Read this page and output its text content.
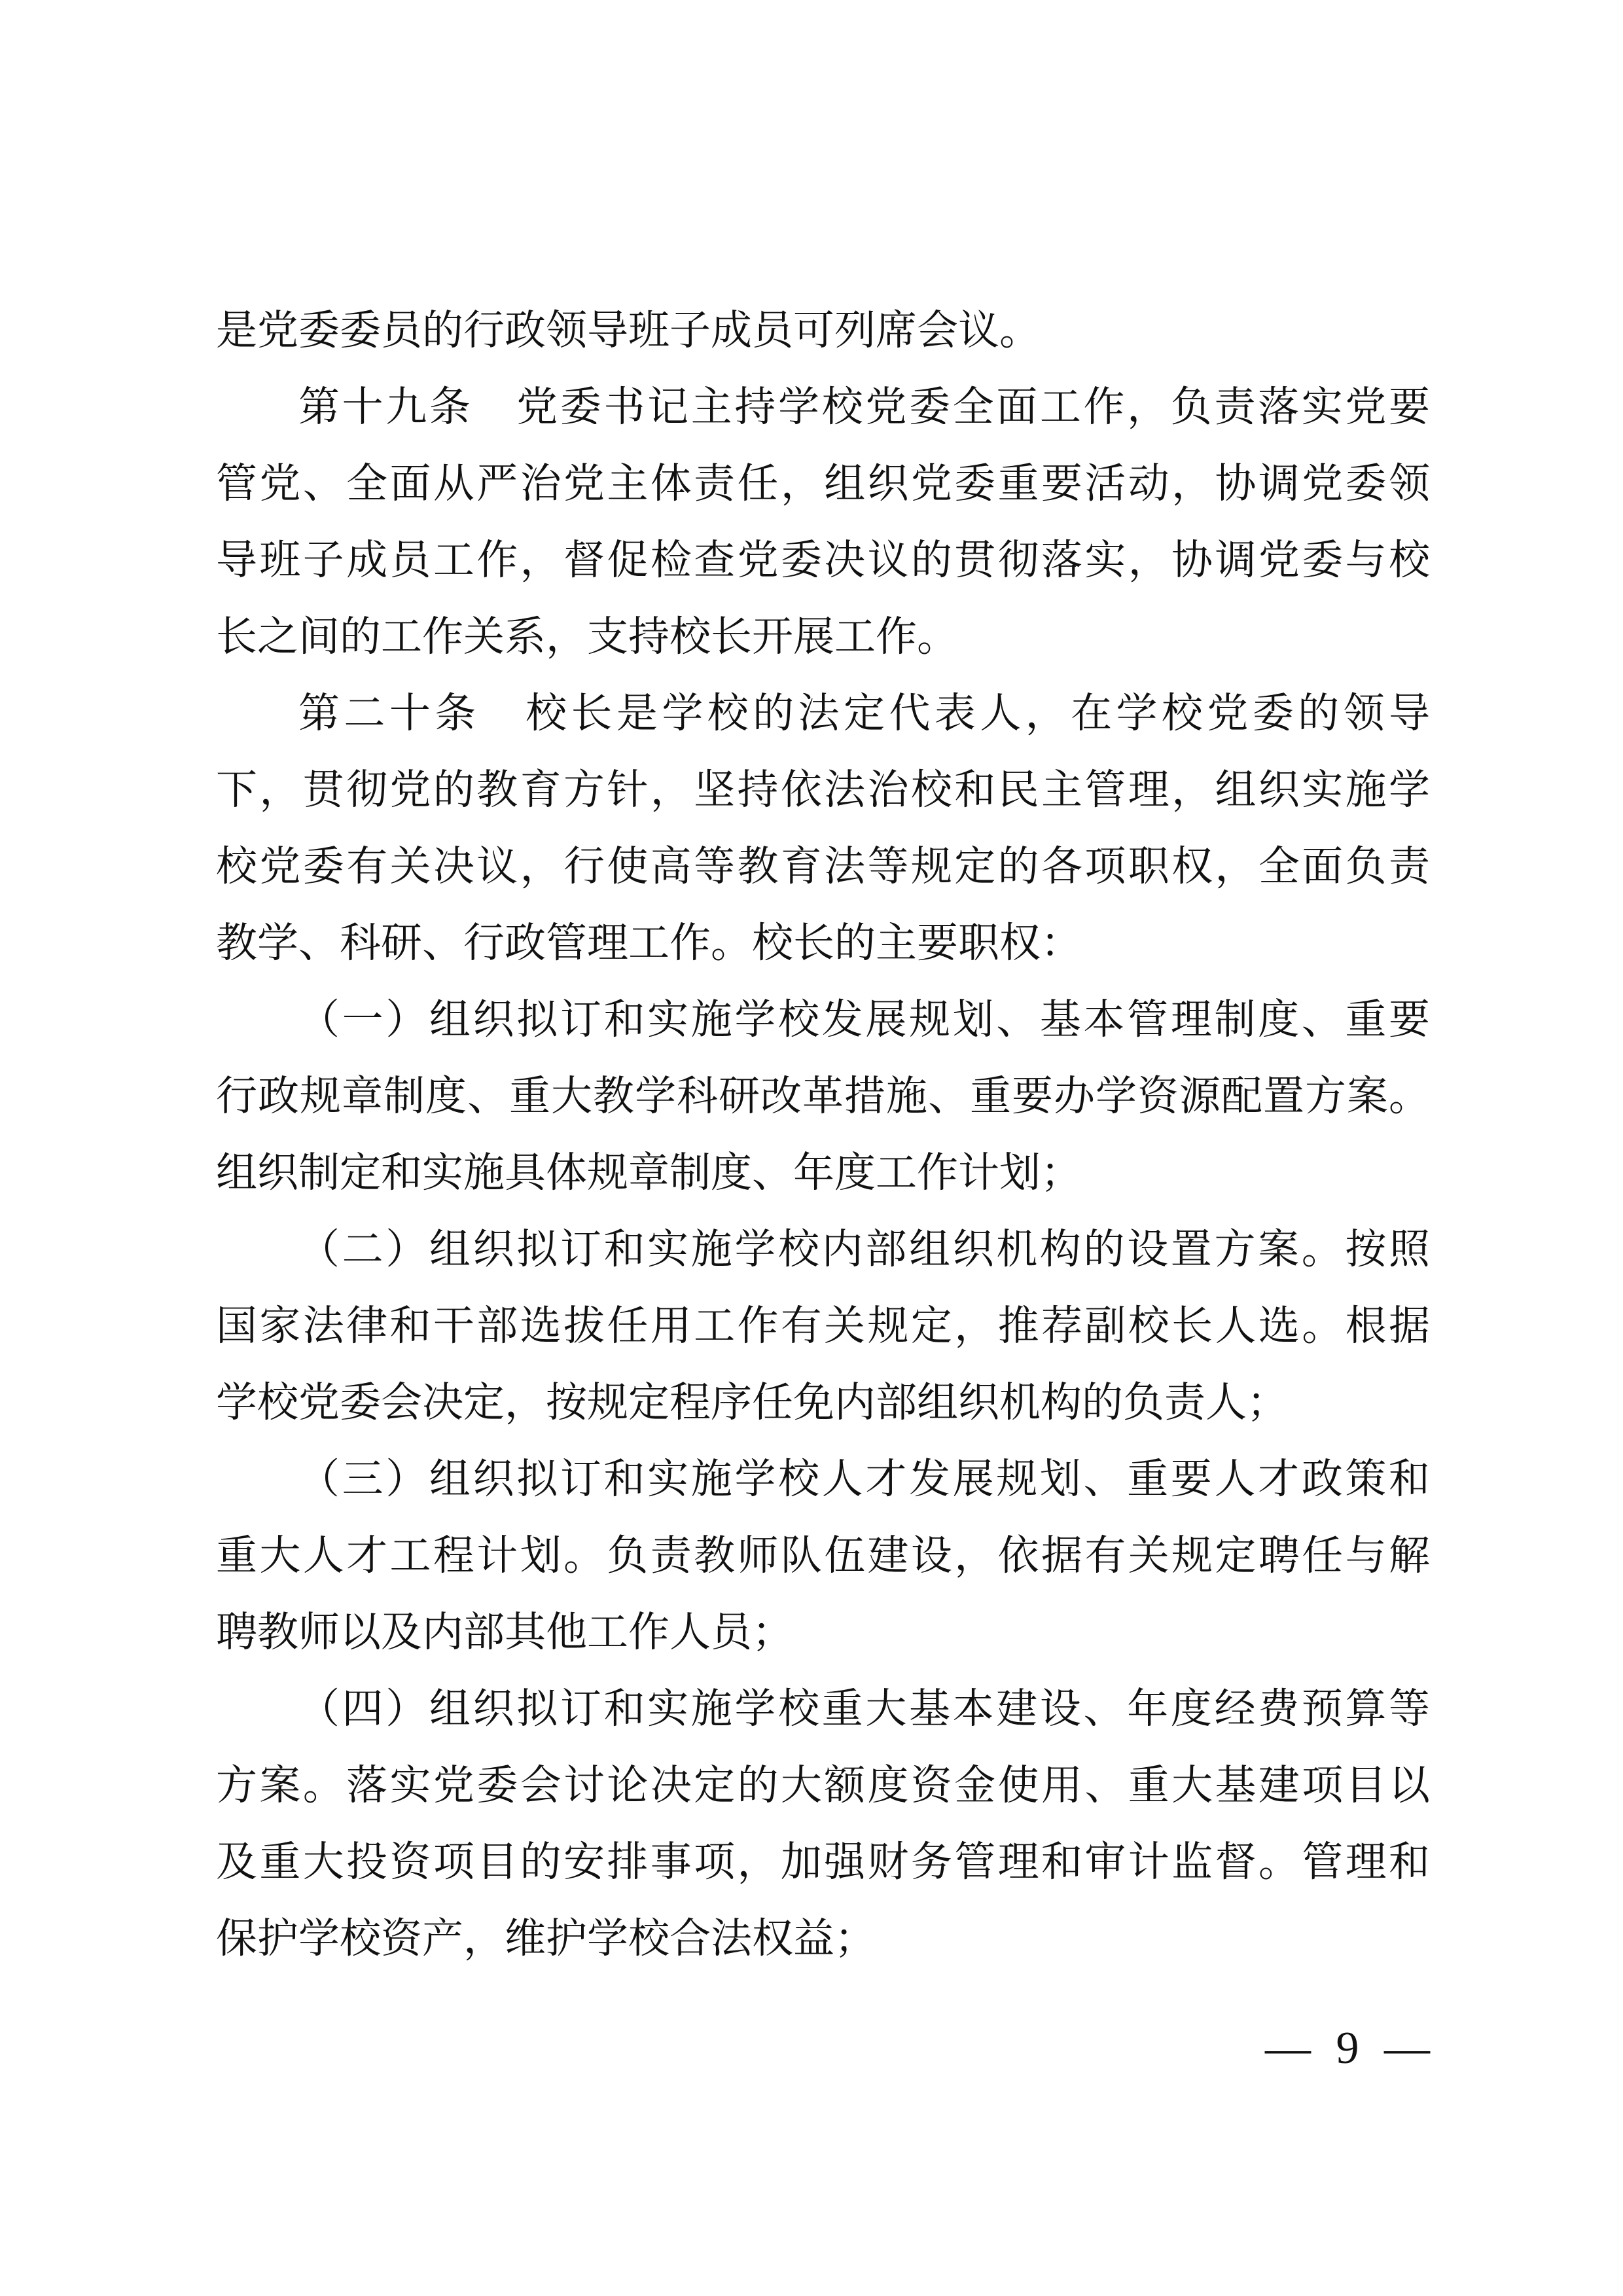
是党委委员的行政领导班子成员可列席会议。
第十九条　党委书记主持学校党委全面工作，负责落实党要
管党、全面从严治党主体责任，组织党委重要活动，协调党委领
导班子成员工作，督促检查党委决议的贯彻落实，协调党委与校
长之间的工作关系，支持校长开展工作。
第二十条　校长是学校的法定代表人，在学校党委的领导
下，贯彻党的教育方针，坚持依法治校和民主管理，组织实施学
校党委有关决议，行使高等教育法等规定的各项职权，全面负责
教学、科研、行政管理工作。校长的主要职权：
（一）组织拟订和实施学校发展规划、基本管理制度、重要
行政规章制度、重大教学科研改革措施、重要办学资源配置方案。
组织制定和实施具体规章制度、年度工作计划；
（二）组织拟订和实施学校内部组织机构的设置方案。按照
国家法律和干部选拔任用工作有关规定，推荐副校长人选。根据
学校党委会决定，按规定程序任免内部组织机构的负责人；
（三）组织拟订和实施学校人才发展规划、重要人才政策和
重大人才工程计划。负责教师队伍建设，依据有关规定聘任与解
聘教师以及内部其他工作人员；
（四）组织拟订和实施学校重大基本建设、年度经费预算等
方案。落实党委会讨论决定的大额度资金使用、重大基建项目以
及重大投资项目的安排事项，加强财务管理和审计监督。管理和
保护学校资产，维护学校合法权益；
— 9 —
